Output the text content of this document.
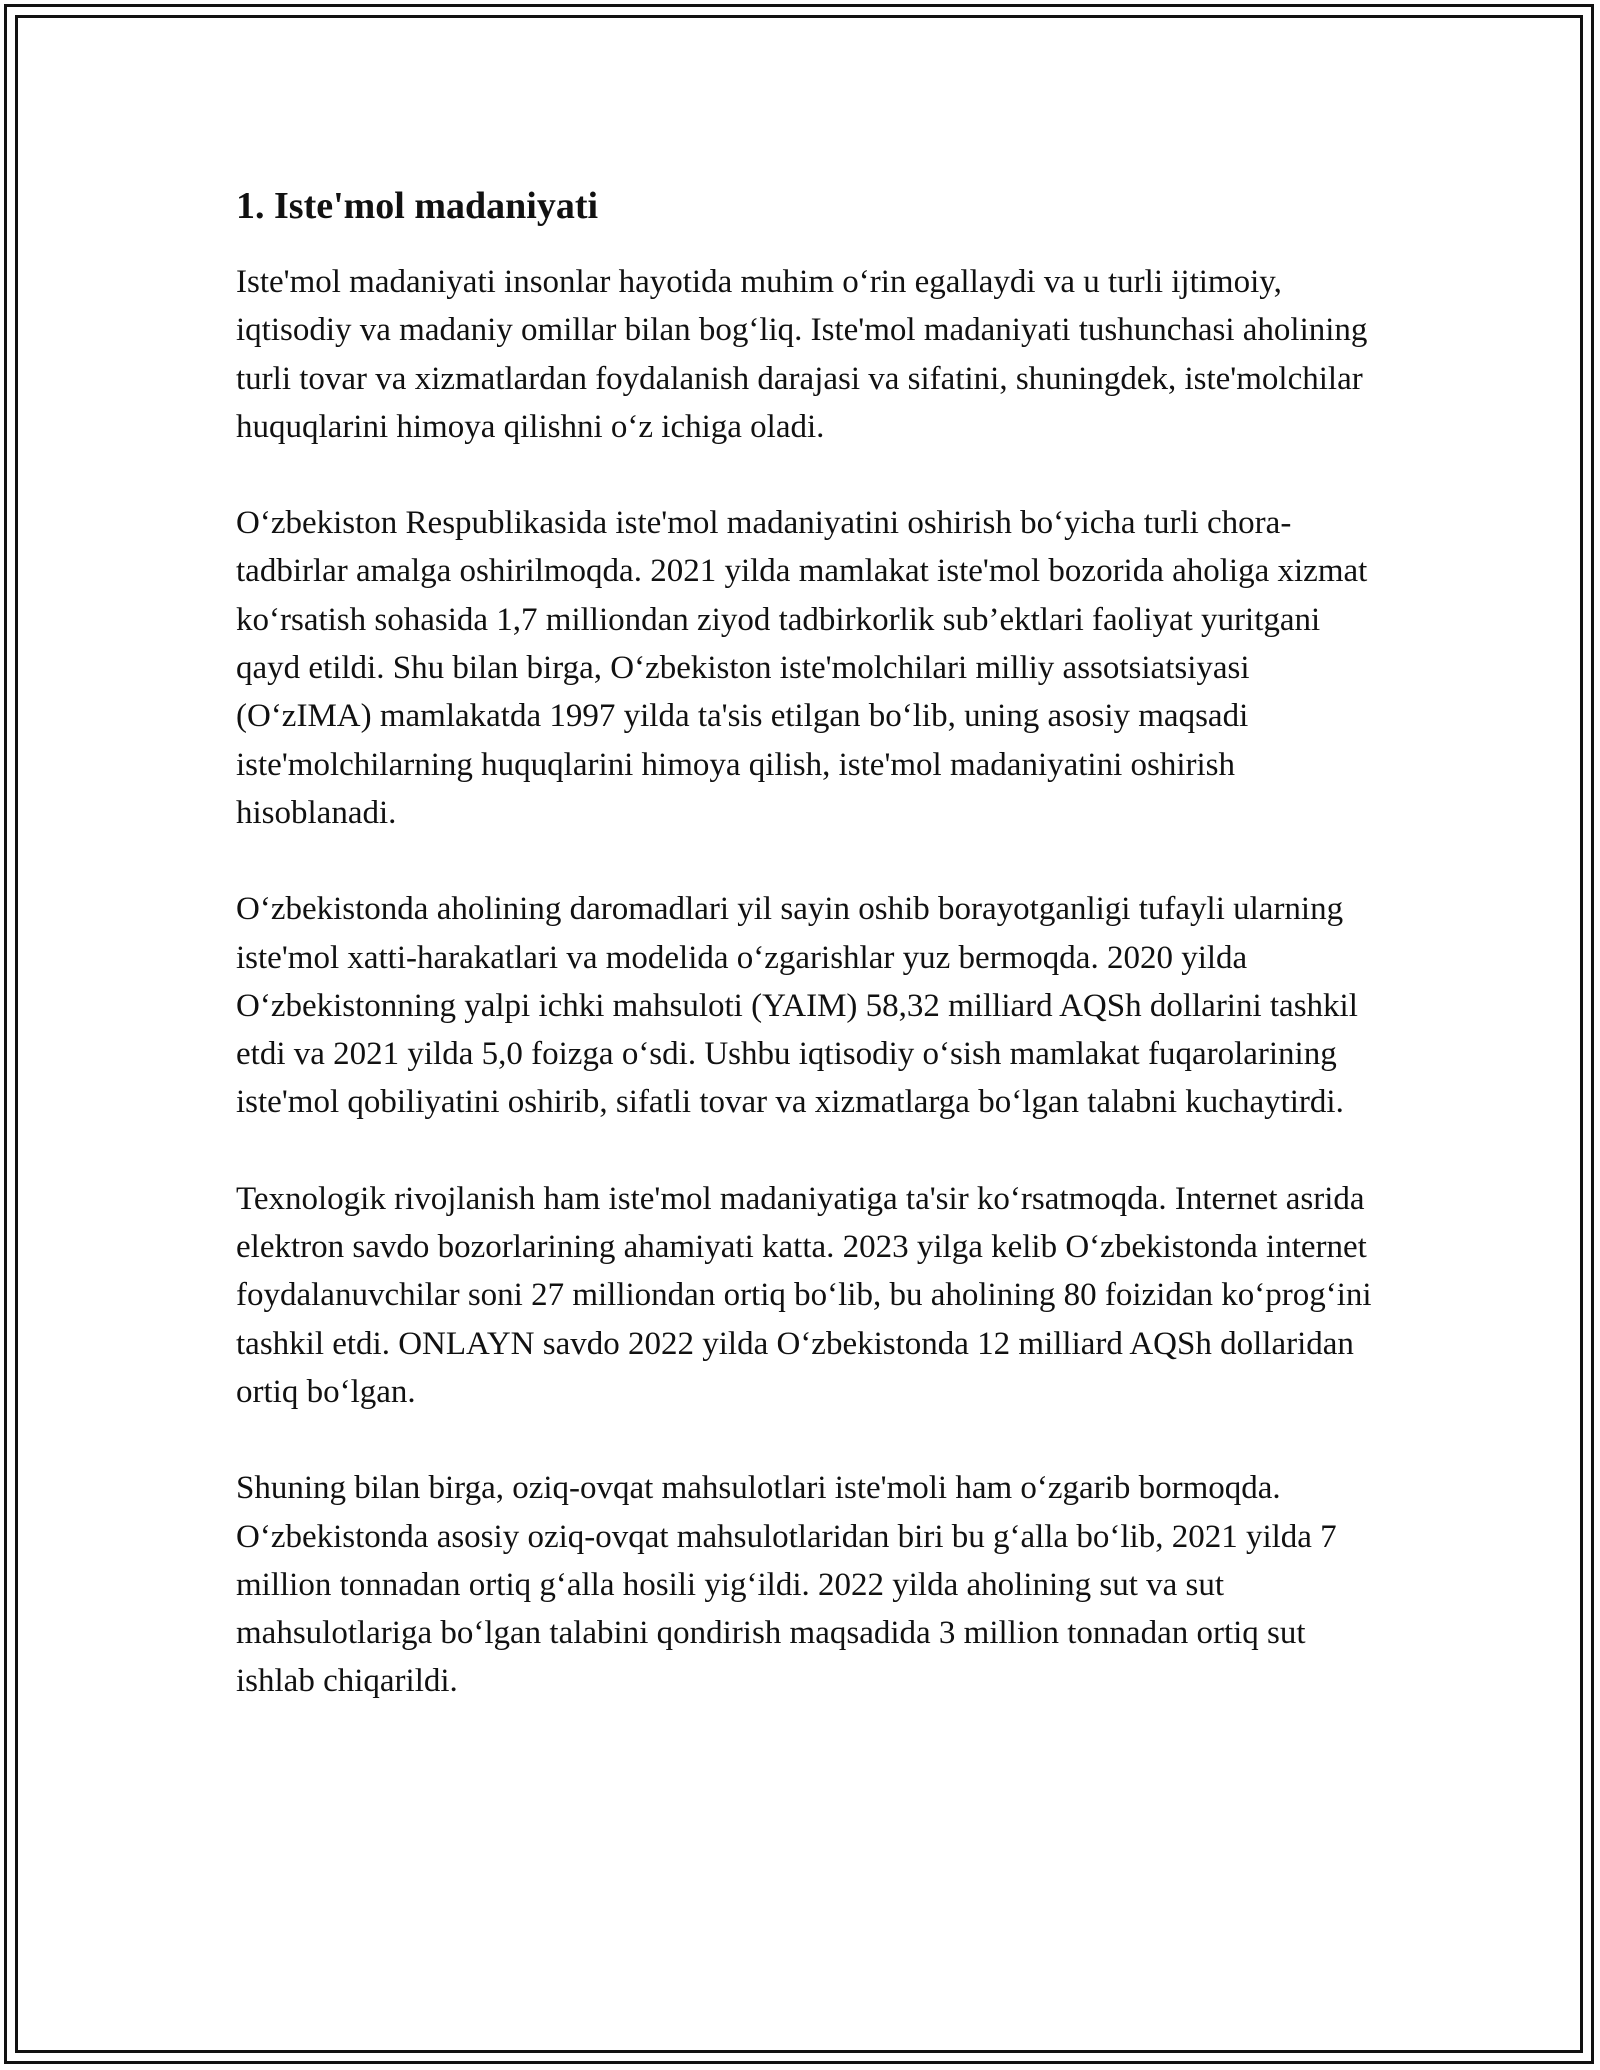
1. Iste'mol madaniyati

Iste'mol madaniyati insonlar hayotida muhim o‘rin egallaydi va u turli ijtimoiy, iqtisodiy va madaniy omillar bilan bog‘liq. Iste'mol madaniyati tushunchasi aholining turli tovar va xizmatlardan foydalanish darajasi va sifatini, shuningdek, iste'molchilar huquqlarini himoya qilishni o‘z ichiga oladi.

O‘zbekiston Respublikasida iste'mol madaniyatini oshirish bo‘yicha turli chora-tadbirlar amalga oshirilmoqda. 2021 yilda mamlakat iste'mol bozorida aholiga xizmat ko‘rsatish sohasida 1,7 milliondan ziyod tadbirkorlik sub’ektlari faoliyat yuritgani qayd etildi. Shu bilan birga, O‘zbekiston iste'molchilari milliy assotsiatsiyasi (O‘zIMA) mamlakatda 1997 yilda ta'sis etilgan bo‘lib, uning asosiy maqsadi iste'molchilarning huquqlarini himoya qilish, iste'mol madaniyatini oshirish hisoblanadi.

O‘zbekistonda aholining daromadlari yil sayin oshib borayotganligi tufayli ularning iste'mol xatti-harakatlari va modelida o‘zgarishlar yuz bermoqda. 2020 yilda O‘zbekistonning yalpi ichki mahsuloti (YAIM) 58,32 milliard AQSh dollarini tashkil etdi va 2021 yilda 5,0 foizga o‘sdi. Ushbu iqtisodiy o‘sish mamlakat fuqarolarining iste'mol qobiliyatini oshirib, sifatli tovar va xizmatlarga bo‘lgan talabni kuchaytirdi.

Texnologik rivojlanish ham iste'mol madaniyatiga ta'sir ko‘rsatmoqda. Internet asrida elektron savdo bozorlarining ahamiyati katta. 2023 yilga kelib O‘zbekistonda internet foydalanuvchilar soni 27 milliondan ortiq bo‘lib, bu aholining 80 foizidan ko‘prog‘ini tashkil etdi. ONLAYN savdo 2022 yilda O‘zbekistonda 12 milliard AQSh dollaridan ortiq bo‘lgan.

Shuning bilan birga, oziq-ovqat mahsulotlari iste'moli ham o‘zgarib bormoqda. O‘zbekistonda asosiy oziq-ovqat mahsulotlaridan biri bu g‘alla bo‘lib, 2021 yilda 7 million tonnadan ortiq g‘alla hosili yig‘ildi. 2022 yilda aholining sut va sut mahsulotlariga bo‘lgan talabini qondirish maqsadida 3 million tonnadan ortiq sut ishlab chiqarildi.
